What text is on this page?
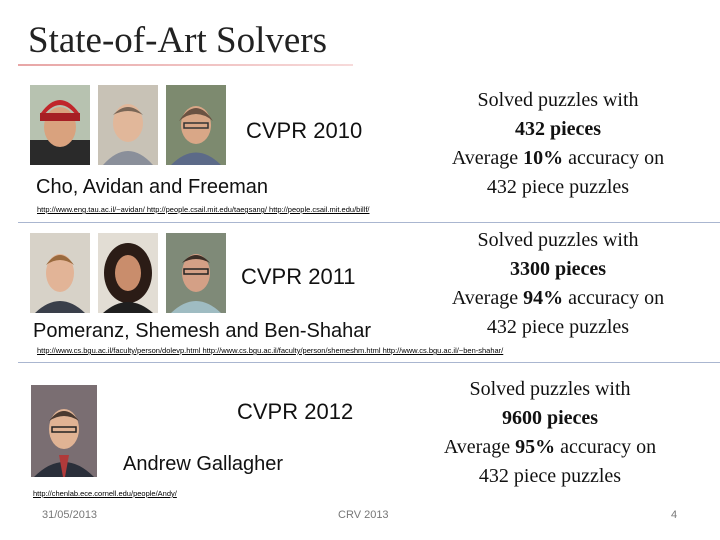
State-of-Art Solvers
CVPR 2010
Cho, Avidan and Freeman
http://www.eng.tau.ac.il/~avidan/ http://people.csail.mit.edu/taegsang/ http://people.csail.mit.edu/billf/
Solved puzzles with
432 pieces
Average 10% accuracy on
432 piece puzzles
CVPR 2011
Pomeranz, Shemesh and Ben-Shahar
http://www.cs.bgu.ac.il/faculty/person/dolevp.html http://www.cs.bgu.ac.il/faculty/person/shemeshm.html http://www.cs.bgu.ac.il/~ben-shahar/
Solved puzzles with
3300 pieces
Average 94% accuracy on
432 piece puzzles
CVPR 2012
Andrew Gallagher
http://chenlab.ece.cornell.edu/people/Andy/
Solved puzzles with
9600 pieces
Average 95% accuracy on
432 piece puzzles
31/05/2013	CRV 2013	4
